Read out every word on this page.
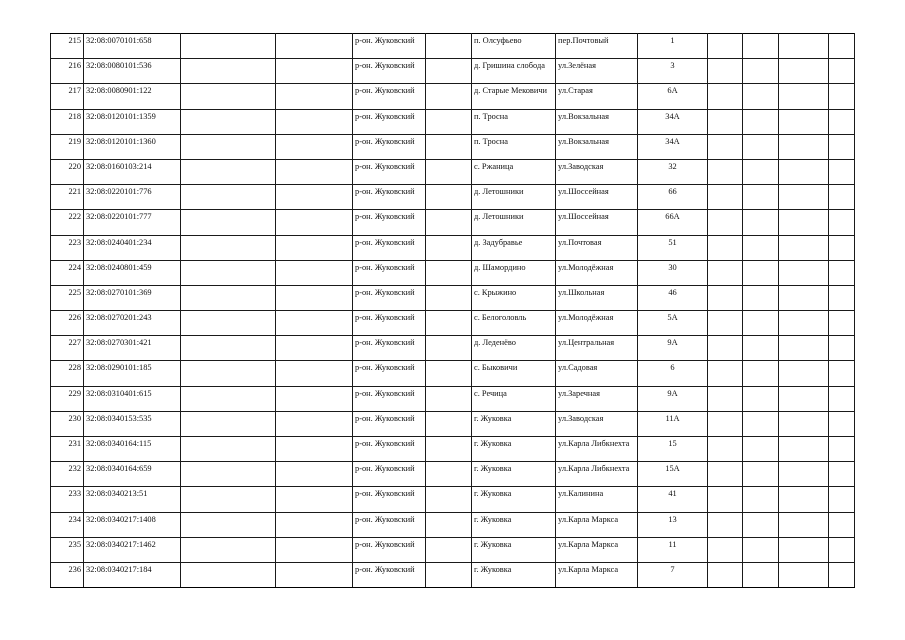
215	32:08:0070101:658			р-он. Жуковский		п. Олсуфьево	пер.Почтовый	1				
216	32:08:0080101:536			р-он. Жуковский		д. Гришина слобода	ул.Зелёная	3				
217	32:08:0080901:122			р-он. Жуковский		д. Старые Мековичи	ул.Старая	6А				
218	32:08:0120101:1359			р-он. Жуковский		п. Тросна	ул.Вокзальная	34А				
219	32:08:0120101:1360			р-он. Жуковский		п. Тросна	ул.Вокзальная	34А				
220	32:08:0160103:214			р-он. Жуковский		с. Ржаница	ул.Заводская	32				
221	32:08:0220101:776			р-он. Жуковский		д. Летошники	ул.Шоссейная	66				
222	32:08:0220101:777			р-он. Жуковский		д. Летошники	ул.Шоссейная	66А				
223	32:08:0240401:234			р-он. Жуковский		д. Задубравье	ул.Почтовая	51				
224	32:08:0240801:459			р-он. Жуковский		д. Шамордино	ул.Молодёжная	30				
225	32:08:0270101:369			р-он. Жуковский		с. Крыжино	ул.Школьная	46				
226	32:08:0270201:243			р-он. Жуковский		с. Белоголовль	ул.Молодёжная	5А				
227	32:08:0270301:421			р-он. Жуковский		д. Леденёво	ул.Центральная	9А				
228	32:08:0290101:185			р-он. Жуковский		с. Быковичи	ул.Садовая	6				
229	32:08:0310401:615			р-он. Жуковский		с. Речица	ул.Заречная	9А				
230	32:08:0340153:535			р-он. Жуковский		г. Жуковка	ул.Заводская	11А				
231	32:08:0340164:115			р-он. Жуковский		г. Жуковка	ул.Карла Либкнехта	15				
232	32:08:0340164:659			р-он. Жуковский		г. Жуковка	ул.Карла Либкнехта	15А				
233	32:08:0340213:51			р-он. Жуковский		г. Жуковка	ул.Калинина	41				
234	32:08:0340217:1408			р-он. Жуковский		г. Жуковка	ул.Карла Маркса	13				
235	32:08:0340217:1462			р-он. Жуковский		г. Жуковка	ул.Карла Маркса	11				
236	32:08:0340217:184			р-он. Жуковский		г. Жуковка	ул.Карла Маркса	7				
